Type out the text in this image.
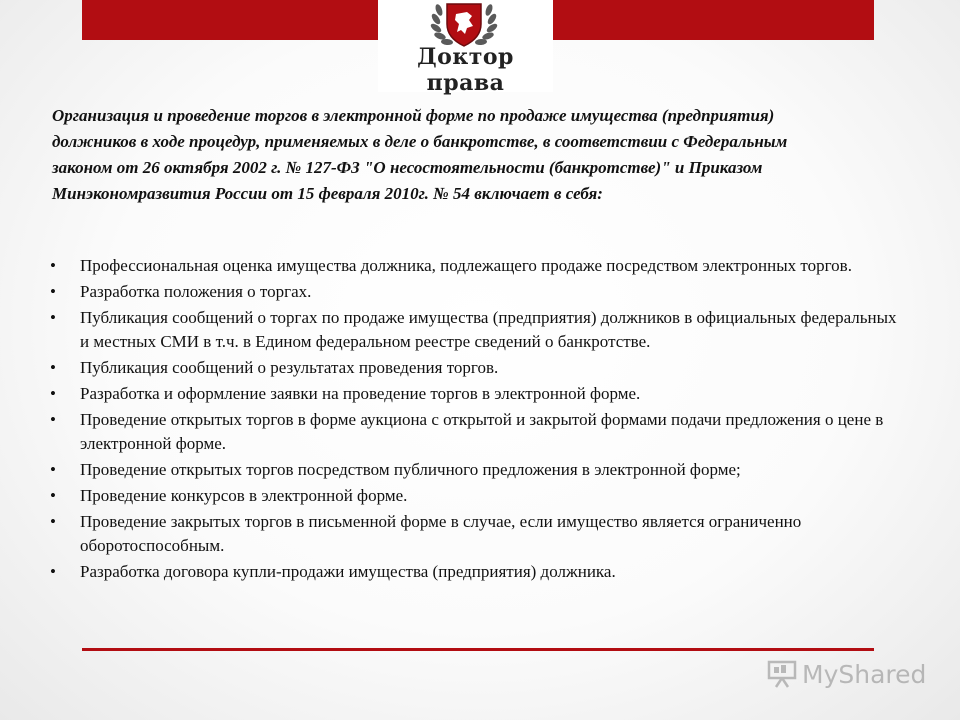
Доктор права

Организация и проведение торгов в электронной форме по продаже имущества (предприятия) должников в ходе процедур, применяемых в деле о банкротстве, в соответствии с Федеральным законом от 26 октября 2002 г. № 127-ФЗ "О несостоятельности (банкротстве)" и Приказом Минэкономразвития России от 15 февраля 2010г. № 54 включает в себя:

• Профессиональная оценка имущества должника, подлежащего продаже посредством электронных торгов.
• Разработка положения о торгах.
• Публикация сообщений о торгах по продаже имущества (предприятия) должников в официальных федеральных и местных СМИ в т.ч. в Едином федеральном реестре сведений о банкротстве.
• Публикация сообщений о результатах проведения торгов.
• Разработка и оформление заявки на проведение торгов в электронной форме.
• Проведение открытых торгов в форме аукциона с открытой и закрытой формами подачи предложения о цене в электронной форме.
• Проведение открытых торгов посредством публичного предложения в электронной форме;
• Проведение конкурсов в электронной форме.
• Проведение закрытых торгов в письменной форме в случае, если имущество является ограниченно оборотоспособным.
• Разработка договора купли-продажи имущества (предприятия) должника.
MyShared
